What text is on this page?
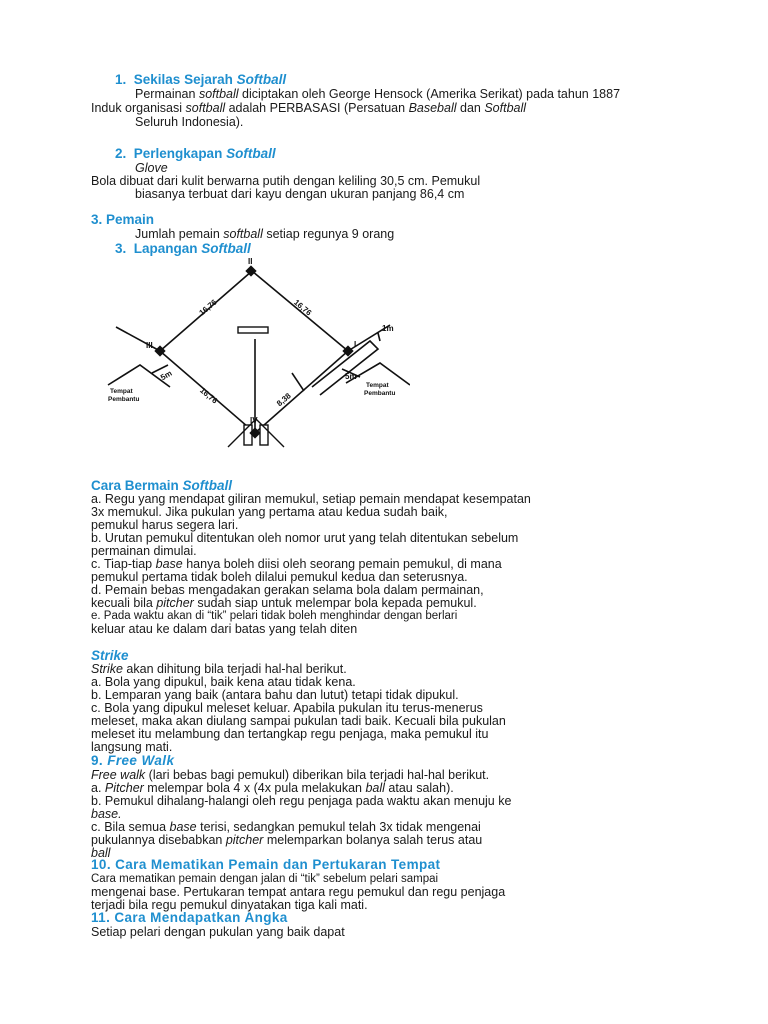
1. Sekilas Sejarah Softball
Permainan softball diciptakan oleh George Hensock (Amerika Serikat) pada tahun 1887
Induk organisasi softball adalah PERBASASI (Persatuan Baseball dan Softball
Seluruh Indonesia).
2. Perlengkapan Softball
Glove
Bola dibuat dari kulit berwarna putih dengan keliling 30,5 cm. Pemukul
biasanya terbuat dari kayu dengan ukuran panjang 86,4 cm
3. Pemain
Jumlah pemain softball setiap regunya 9 orang
3. Lapangan Softball
II
I
III
IV
16,76	16,76
16,76	8,38
1m
5m	5m
Tempat
Pembantu
Tempat
Pembantu
Cara Bermain Softball
a. Regu yang mendapat giliran memukul, setiap pemain mendapat kesempatan
3x memukul. Jika pukulan yang pertama atau kedua sudah baik,
pemukul harus segera lari.
b. Urutan pemukul ditentukan oleh nomor urut yang telah ditentukan sebelum
permainan dimulai.
c. Tiap-tiap base hanya boleh diisi oleh seorang pemain pemukul, di mana
pemukul pertama tidak boleh dilalui pemukul kedua dan seterusnya.
d. Pemain bebas mengadakan gerakan selama bola dalam permainan,
kecuali bila pitcher sudah siap untuk melempar bola kepada pemukul.
e. Pada waktu akan di “tik” pelari tidak boleh menghindar dengan berlari
keluar atau ke dalam dari batas yang telah diten
Strike
Strike akan dihitung bila terjadi hal-hal berikut.
a. Bola yang dipukul, baik kena atau tidak kena.
b. Lemparan yang baik (antara bahu dan lutut) tetapi tidak dipukul.
c. Bola yang dipukul meleset keluar. Apabila pukulan itu terus-menerus
meleset, maka akan diulang sampai pukulan tadi baik. Kecuali bila pukulan
meleset itu melambung dan tertangkap regu penjaga, maka pemukul itu
langsung mati.
9. Free Walk
Free walk (lari bebas bagi pemukul) diberikan bila terjadi hal-hal berikut.
a. Pitcher melempar bola 4 x (4x pula melakukan ball atau salah).
b. Pemukul dihalang-halangi oleh regu penjaga pada waktu akan menuju ke
base.
c. Bila semua base terisi, sedangkan pemukul telah 3x tidak mengenai
pukulannya disebabkan pitcher melemparkan bolanya salah terus atau
ball
10. Cara Mematikan Pemain dan Pertukaran Tempat
Cara mematikan pemain dengan jalan di “tik” sebelum pelari sampai
mengenai base. Pertukaran tempat antara regu pemukul dan regu penjaga
terjadi bila regu pemukul dinyatakan tiga kali mati.
11. Cara Mendapatkan Angka
Setiap pelari dengan pukulan yang baik dapat
